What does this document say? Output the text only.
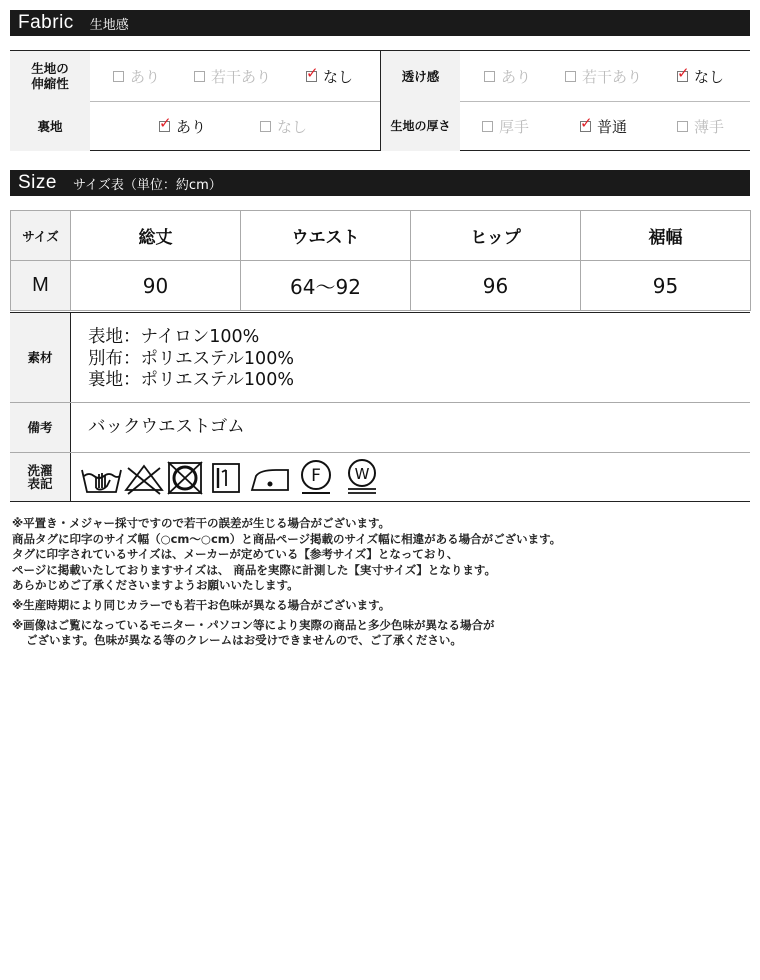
Fabric 生地感
生地の
伸縮性	あり	若干あり ✓ なし	透け感	あり	若干あり ✓ なし
裏地	✓ あり	なし	生地の厚さ	厚手	✓ 普通	薄手
Size サイズ表（単位：約cm）
サイズ	総丈	ウエスト	ヒップ	裾幅
M	90	64〜92	96	95
素材
表地：ナイロン100%
別布：ポリエステル100%
裏地：ポリエステル100%
備考	バックウエストゴム
洗濯
表記	F W

※平置き・メジャー採寸ですので若干の誤差が生じる場合がございます。

商品タグに印字のサイズ幅（○cm〜○cm）と商品ページ掲載のサイズ幅に相違がある場合がございます。

タグに印字されているサイズは、メーカーが定めている【参考サイズ】となっており、

ページに掲載いたしておりますサイズは、 商品を実際に計測した【実寸サイズ】となります。

あらかじめご了承くださいますようお願いいたします。

※生産時期により同じカラーでも若干お色味が異なる場合がございます。

※画像はご覧になっているモニター・パソコン等により実際の商品と多少色味が異なる場合が

ございます。色味が異なる等のクレームはお受けできませんので、ご了承ください。
